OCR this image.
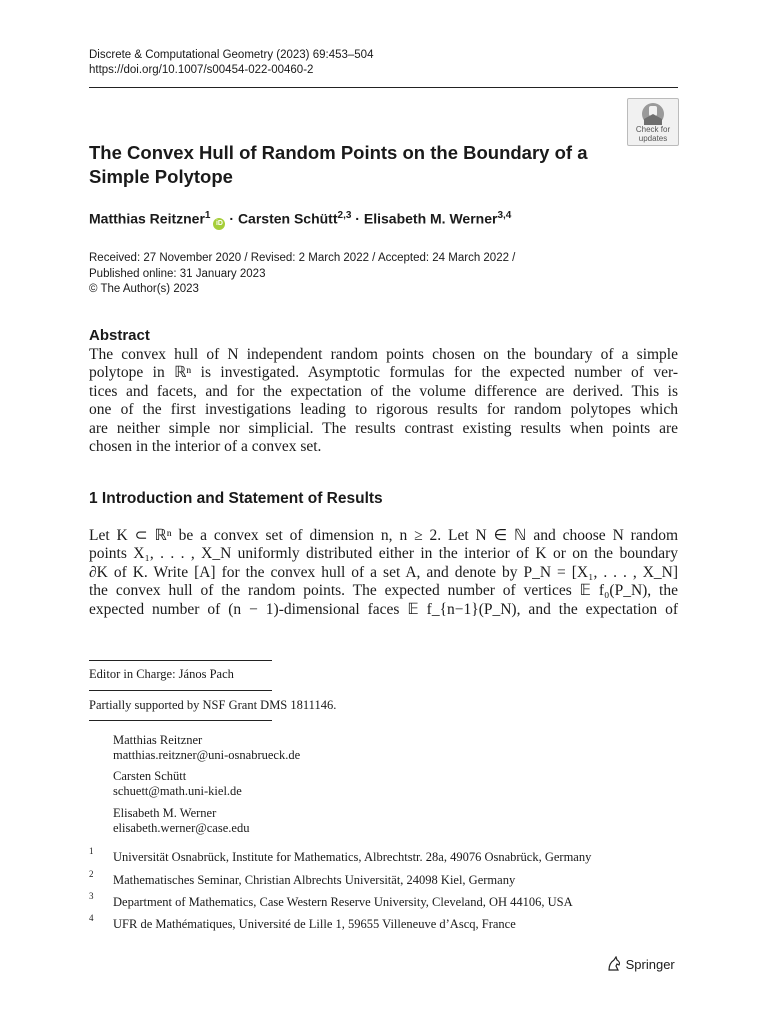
Discrete & Computational Geometry (2023) 69:453–504
https://doi.org/10.1007/s00454-022-00460-2
Check for
updates
The Convex Hull of Random Points on the Boundary of a
Simple Polytope
Matthias Reitzner$^1$iD · Carsten Schütt$^{2,3}$ · Elisabeth M. Werner$^{3,4}$
Received: 27 November 2020 / Revised: 2 March 2022 / Accepted: 24 March 2022 /
Published online: 31 January 2023
© The Author(s) 2023
Abstract
The convex hull of N independent random points chosen on the boundary of a simple
polytope in ℝⁿ is investigated. Asymptotic formulas for the expected number of ver-
tices and facets, and for the expectation of the volume difference are derived. This is
one of the first investigations leading to rigorous results for random polytopes which
are neither simple nor simplicial. The results contrast existing results when points are
chosen in the interior of a convex set.
1 Introduction and Statement of Results
Let K ⊂ ℝⁿ be a convex set of dimension n, n ≥ 2. Let N ∈ ℕ and choose N random
points X₁, . . . , X_N uniformly distributed either in the interior of K or on the boundary
∂K of K. Write [A] for the convex hull of a set A, and denote by P_N = [X₁, . . . , X_N]
the convex hull of the random points. The expected number of vertices 𝔼 f₀(P_N), the
expected number of (n − 1)-dimensional faces 𝔼 f_{n−1}(P_N), and the expectation of
Editor in Charge: János Pach
Partially supported by NSF Grant DMS 1811146.
Matthias Reitzner
matthias.reitzner@uni-osnabrueck.de
Carsten Schütt
schuett@math.uni-kiel.de
Elisabeth M. Werner
elisabeth.werner@case.edu
1 Universität Osnabrück, Institute for Mathematics, Albrechtstr. 28a, 49076 Osnabrück, Germany
2 Mathematisches Seminar, Christian Albrechts Universität, 24098 Kiel, Germany
3 Department of Mathematics, Case Western Reserve University, Cleveland, OH 44106, USA
4 UFR de Mathématiques, Université de Lille 1, 59655 Villeneuve d’Ascq, France
Springer
